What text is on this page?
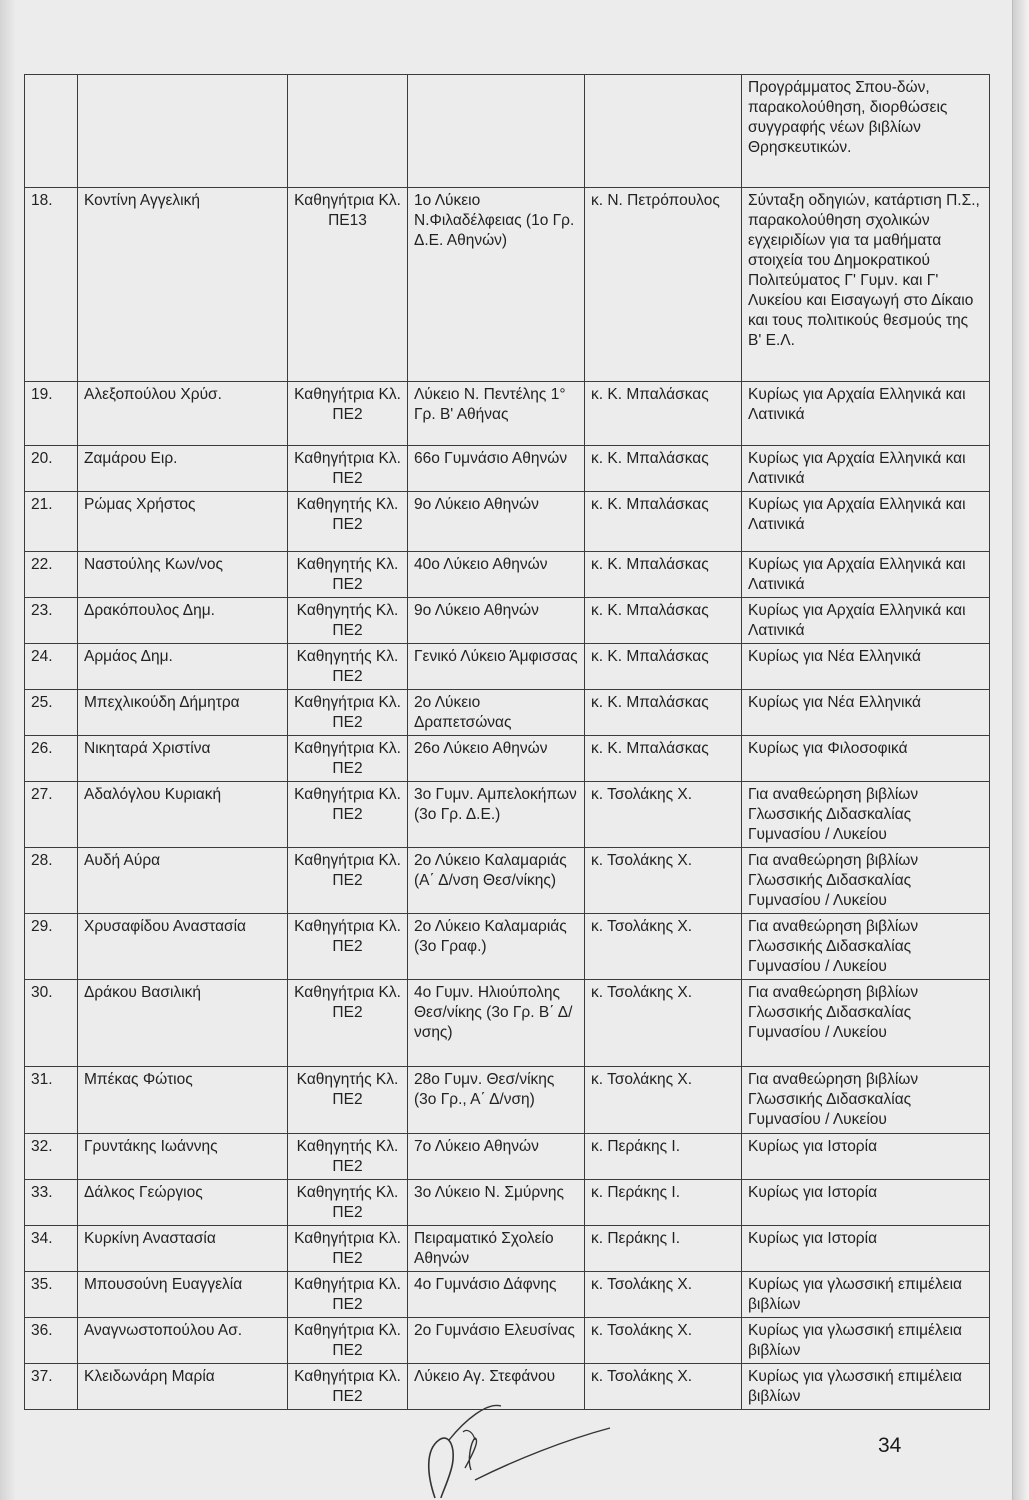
					Προγράμματος Σπου-δών, παρακολούθηση, διορθώσεις συγγραφής νέων βιβλίων Θρησκευτικών.
18.	Κοντίνη Αγγελική	Καθηγήτρια Κλ. ΠΕ13	1ο Λύκειο Ν.Φιλαδέλφειας (1ο Γρ. Δ.Ε. Αθηνών)	κ. Ν. Πετρόπουλος	Σύνταξη οδηγιών, κατάρτιση Π.Σ., παρακολούθηση σχολικών εγχειριδίων για τα μαθήματα στοιχεία του Δημοκρατικού Πολιτεύματος Γ' Γυμν. και Γ' Λυκείου και Εισαγωγή στο Δίκαιο και τους πολιτικούς θεσμούς της Β' Ε.Λ.
19.	Αλεξοπούλου Χρύσ.	Καθηγήτρια Κλ. ΠΕ2	Λύκειο Ν. Πεντέλης 1° Γρ. Β' Αθήνας	κ. Κ. Μπαλάσκας	Κυρίως για Αρχαία Ελληνικά και Λατινικά
20.	Ζαμάρου Ειρ.	Καθηγήτρια Κλ. ΠΕ2	66ο Γυμνάσιο Αθηνών	κ. Κ. Μπαλάσκας	Κυρίως για Αρχαία Ελληνικά και Λατινικά
21.	Ρώμας Χρήστος	Καθηγητής Κλ. ΠΕ2	9ο Λύκειο Αθηνών	κ. Κ. Μπαλάσκας	Κυρίως για Αρχαία Ελληνικά και Λατινικά
22.	Ναστούλης Κων/νος	Καθηγητής Κλ. ΠΕ2	40ο Λύκειο Αθηνών	κ. Κ. Μπαλάσκας	Κυρίως για Αρχαία Ελληνικά και Λατινικά
23.	Δρακόπουλος Δημ.	Καθηγητής Κλ. ΠΕ2	9ο Λύκειο Αθηνών	κ. Κ. Μπαλάσκας	Κυρίως για Αρχαία Ελληνικά και Λατινικά
24.	Αρμάος Δημ.	Καθηγητής Κλ. ΠΕ2	Γενικό Λύκειο Άμφισσας	κ. Κ. Μπαλάσκας	Κυρίως για Νέα Ελληνικά
25.	Μπεχλικούδη Δήμητρα	Καθηγήτρια Κλ. ΠΕ2	2ο Λύκειο Δραπετσώνας	κ. Κ. Μπαλάσκας	Κυρίως για Νέα Ελληνικά
26.	Νικηταρά Χριστίνα	Καθηγήτρια Κλ. ΠΕ2	26ο Λύκειο Αθηνών	κ. Κ. Μπαλάσκας	Κυρίως για Φιλοσοφικά
27.	Αδαλόγλου Κυριακή	Καθηγήτρια Κλ. ΠΕ2	3ο Γυμν. Αμπελοκήπων (3ο Γρ. Δ.Ε.)	κ. Τσολάκης Χ.	Για αναθεώρηση βιβλίων Γλωσσικής Διδασκαλίας Γυμνασίου / Λυκείου
28.	Αυδή Αύρα	Καθηγήτρια Κλ. ΠΕ2	2ο Λύκειο Καλαμαριάς (Α΄ Δ/νση Θεσ/νίκης)	κ. Τσολάκης Χ.	Για αναθεώρηση βιβλίων Γλωσσικής Διδασκαλίας Γυμνασίου / Λυκείου
29.	Χρυσαφίδου Αναστασία	Καθηγήτρια Κλ. ΠΕ2	2ο Λύκειο Καλαμαριάς (3ο Γραφ.)	κ. Τσολάκης Χ.	Για αναθεώρηση βιβλίων Γλωσσικής Διδασκαλίας Γυμνασίου / Λυκείου
30.	Δράκου Βασιλική	Καθηγήτρια Κλ. ΠΕ2	4ο Γυμν. Ηλιούπολης Θεσ/νίκης (3ο Γρ. Β΄ Δ/νσης)	κ. Τσολάκης Χ.	Για αναθεώρηση βιβλίων Γλωσσικής Διδασκαλίας Γυμνασίου / Λυκείου
31.	Μπέκας Φώτιος	Καθηγητής Κλ. ΠΕ2	28ο Γυμν. Θεσ/νίκης (3ο Γρ., Α΄ Δ/νση)	κ. Τσολάκης Χ.	Για αναθεώρηση βιβλίων Γλωσσικής Διδασκαλίας Γυμνασίου / Λυκείου
32.	Γρυντάκης Ιωάννης	Καθηγητής Κλ. ΠΕ2	7ο Λύκειο Αθηνών	κ. Περάκης Ι.	Κυρίως για Ιστορία
33.	Δάλκος Γεώργιος	Καθηγητής Κλ. ΠΕ2	3ο Λύκειο Ν. Σμύρνης	κ. Περάκης Ι.	Κυρίως για Ιστορία
34.	Κυρκίνη Αναστασία	Καθηγήτρια Κλ. ΠΕ2	Πειραματικό Σχολείο Αθηνών	κ. Περάκης Ι.	Κυρίως για Ιστορία
35.	Μπουσούνη Ευαγγελία	Καθηγήτρια Κλ. ΠΕ2	4ο Γυμνάσιο Δάφνης	κ. Τσολάκης Χ.	Κυρίως για γλωσσική επιμέλεια βιβλίων
36.	Αναγνωστοπούλου Ασ.	Καθηγήτρια Κλ. ΠΕ2	2ο Γυμνάσιο Ελευσίνας	κ. Τσολάκης Χ.	Κυρίως για γλωσσική επιμέλεια βιβλίων
37.	Κλειδωνάρη Μαρία	Καθηγήτρια Κλ. ΠΕ2	Λύκειο Αγ. Στεφάνου	κ. Τσολάκης Χ.	Κυρίως για γλωσσική επιμέλεια βιβλίων
34
